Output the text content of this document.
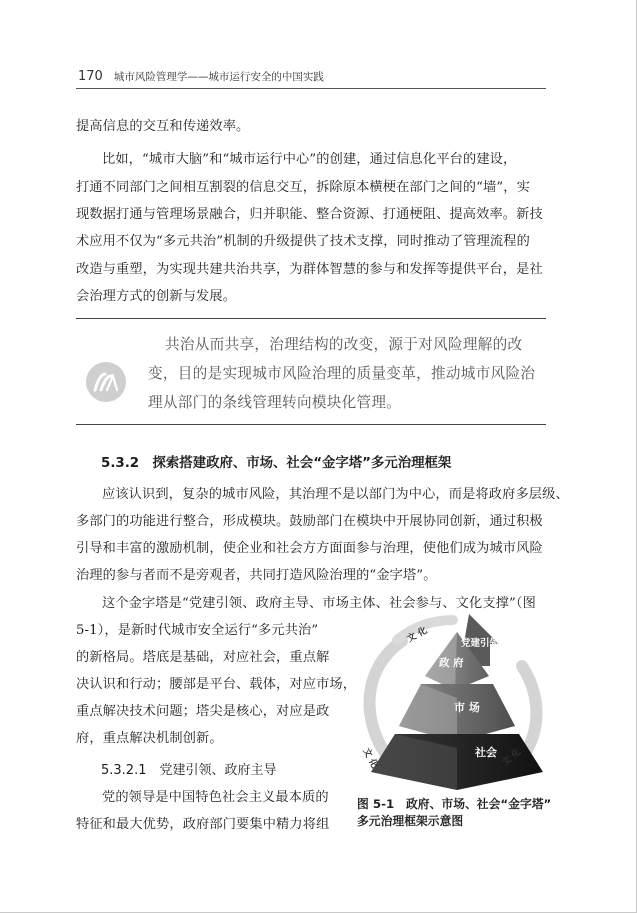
170 城市风险管理学——城市运行安全的中国实践
提高信息的交互和传递效率。
比如，“城市大脑”和“城市运行中心”的创建，通过信息化平台的建设，
打通不同部门之间相互割裂的信息交互，拆除原本横梗在部门之间的“墙”，实
现数据打通与管理场景融合，归并职能、整合资源、打通梗阻、提高效率。新技
术应用不仅为“多元共治”机制的升级提供了技术支撑，同时推动了管理流程的
改造与重塑，为实现共建共治共享，为群体智慧的参与和发挥等提供平台，是社
会治理方式的创新与发展。
共治从而共享，治理结构的改变，源于对风险理解的改
变，目的是实现城市风险治理的质量变革，推动城市风险治
理从部门的条线管理转向模块化管理。
5.3.2　探索搭建政府、市场、社会“金字塔”多元治理框架
应该认识到，复杂的城市风险，其治理不是以部门为中心，而是将政府多层级、
多部门的功能进行整合，形成模块。鼓励部门在模块中开展协同创新，通过积极
引导和丰富的激励机制，使企业和社会方方面面参与治理，使他们成为城市风险
治理的参与者而不是旁观者，共同打造风险治理的“金字塔”。
这个金字塔是“党建引领、政府主导、市场主体、社会参与、文化支撑”（图
5-1），是新时代城市安全运行“多元共治”
的新格局。塔底是基础，对应社会，重点解
决认识和行动；腰部是平台、载体，对应市场，
重点解决技术问题；塔尖是核心，对应是政
府，重点解决机制创新。
5.3.2.1　党建引领、政府主导
党的领导是中国特色社会主义最本质的
特征和最大优势，政府部门要集中精力将组
党建引领
政 府
市 场
社会
文 化
文 化	文 化
图 5-1　政府、市场、社会“金字塔”
多元治理框架示意图
